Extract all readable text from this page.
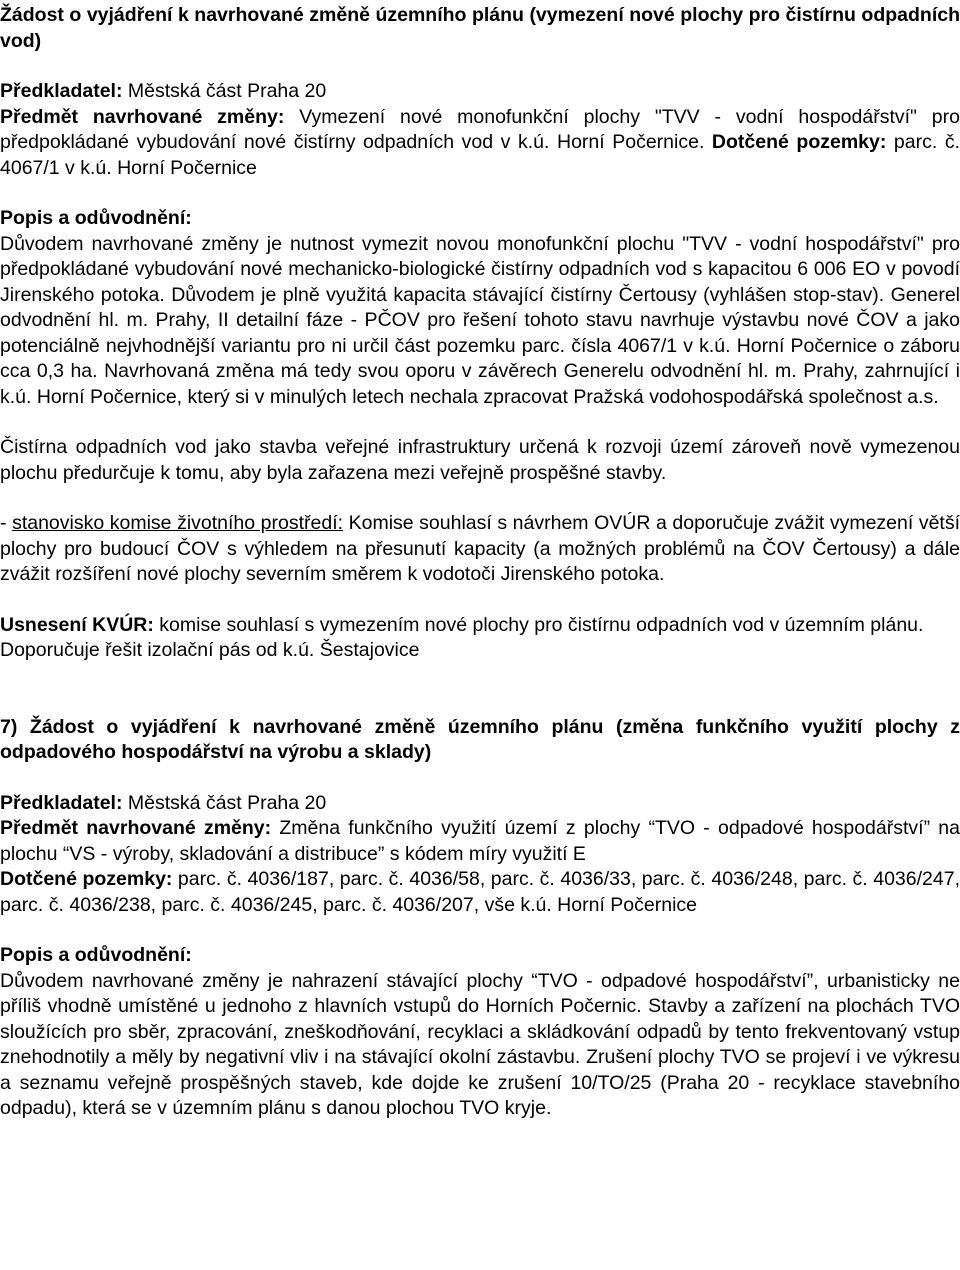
Žádost o vyjádření k navrhované změně územního plánu (vymezení nové plochy pro čistírnu odpadních vod)

Předkladatel: Městská část Praha 20

Předmět navrhované změny: Vymezení nové monofunkční plochy "TVV - vodní hospodářství" pro předpokládané vybudování nové čistírny odpadních vod v k.ú. Horní Počernice. Dotčené pozemky: parc. č. 4067/1 v k.ú. Horní Počernice

Popis a odůvodnění:

Důvodem navrhované změny je nutnost vymezit novou monofunkční plochu "TVV - vodní hospodářství" pro předpokládané vybudování nové mechanicko-biologické čistírny odpadních vod s kapacitou 6 006 EO v povodí Jirenského potoka. Důvodem je plně využitá kapacita stávající čistírny Čertousy (vyhlášen stop-stav). Generel odvodnění hl. m. Prahy, II detailní fáze - PČOV pro řešení tohoto stavu navrhuje výstavbu nové ČOV a jako potenciálně nejvhodnější variantu pro ni určil část pozemku parc. čísla 4067/1 v k.ú. Horní Počernice o záboru cca 0,3 ha. Navrhovaná změna má tedy svou oporu v závěrech Generelu odvodnění hl. m. Prahy, zahrnující i k.ú. Horní Počernice, který si v minulých letech nechala zpracovat Pražská vodohospodářská společnost a.s.

Čistírna odpadních vod jako stavba veřejné infrastruktury určená k rozvoji území zároveň nově vymezenou plochu předurčuje k tomu, aby byla zařazena mezi veřejně prospěšné stavby.

- stanovisko komise životního prostředí: Komise souhlasí s návrhem OVÚR a doporučuje zvážit vymezení větší plochy pro budoucí ČOV s výhledem na přesunutí kapacity (a možných problémů na ČOV Čertousy) a dále zvážit rozšíření nové plochy severním směrem k vodotoči Jirenského potoka.

Usnesení KVÚR: komise souhlasí s vymezením nové plochy pro čistírnu odpadních vod v územním plánu. Doporučuje řešit izolační pás od k.ú. Šestajovice

7) Žádost o vyjádření k navrhované změně územního plánu (změna funkčního využití plochy z odpadového hospodářství na výrobu a sklady)

Předkladatel: Městská část Praha 20

Předmět navrhované změny: Změna funkčního využití území z plochy “TVO - odpadové hospodářství” na plochu “VS - výroby, skladování a distribuce” s kódem míry využití E

Dotčené pozemky: parc. č. 4036/187, parc. č. 4036/58, parc. č. 4036/33, parc. č. 4036/248, parc. č. 4036/247, parc. č. 4036/238, parc. č. 4036/245, parc. č. 4036/207, vše k.ú. Horní Počernice

Popis a odůvodnění:

Důvodem navrhované změny je nahrazení stávající plochy “TVO - odpadové hospodářství”, urbanisticky ne příliš vhodně umístěné u jednoho z hlavních vstupů do Horních Počernic. Stavby a zařízení na plochách TVO sloužících pro sběr, zpracování, zneškodňování, recyklaci a skládkování odpadů by tento frekventovaný vstup znehodnotily a měly by negativní vliv i na stávající okolní zástavbu. Zrušení plochy TVO se projeví i ve výkresu a seznamu veřejně prospěšných staveb, kde dojde ke zrušení 10/TO/25 (Praha 20 - recyklace stavebního odpadu), která se v územním plánu s danou plochou TVO kryje.
